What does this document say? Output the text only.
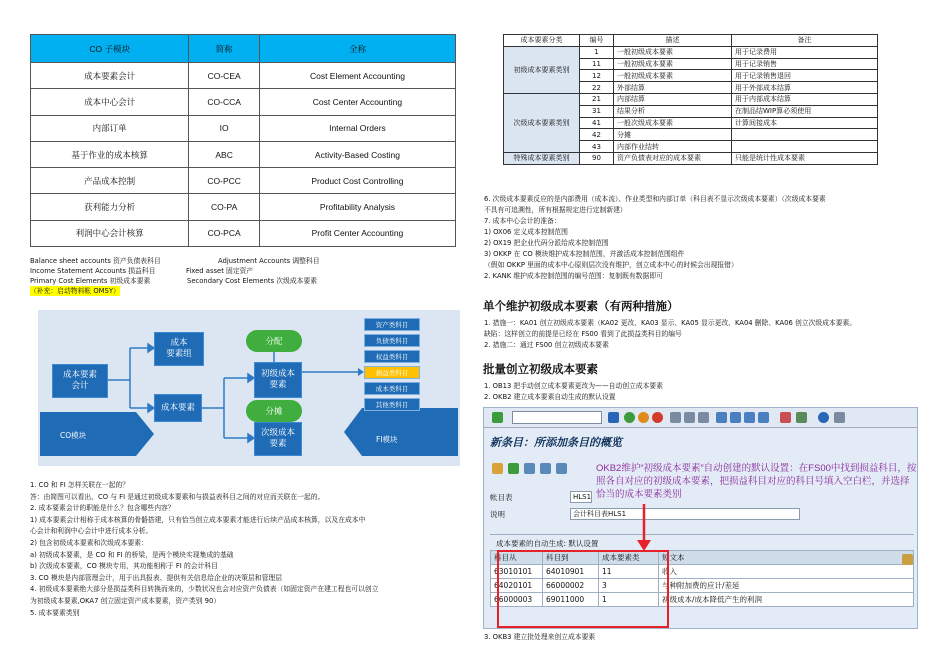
CO 子模块	简称	全称
成本要素会计	CO-CEA	Cost Element Accounting
成本中心会计	CO-CCA	Cost Center Accounting
内部订单	IO	Internal Orders
基于作业的成本核算	ABC	Activity-Based Costing
产品成本控制	CO-PCC	Product Cost Controlling
获利能力分析	CO-PA	Profitability Analysis
利润中心会计核算	CO-PCA	Profit Center Accounting
Balance sheet accounts 资产负债表科目	Adjustment Accounts 调整科目
Income Statement Accounts 损益科目	Fixed asset 固定资产
Primary Cost Elements 初级成本要素	Secondary Cost Elements 次级成本要素
（补充：启动物料帐 OMSY）
CO模块	FI模块
成本要素
会计
成本
要素组
成本要素
分配
初级成本
要素
分摊
次级成本
要素
资产类科目
负债类科目
权益类科目
损益类科目
成本类科目
其他类科目
1. CO 和 FI 怎样关联在一起的？
答：由简图可以看出，CO 与 FI 是通过初级成本要素和与损益表科目之间的对应而关联在一起的。
2. 成本要素会计的职能是什么？包含哪些内容？
1) 成本要素会计相称于成本核算的骨骼搭建，只有恰当创立成本要素才能进行后续产品成本核算，以及在成本中
心会计和利润中心会计中进行成本分析。
2) 包含初级成本要素和次级成本要素：
a) 初级成本要素，是 CO 和 FI 的桥梁，是两个模块实现集成的基础
b) 次级成本要素，CO 模块专用，其功能相称于 FI 的会计科目
3. CO 模块是内部管理会计，用于出具报表、提供有关信息给企业的决策层和管理层
4. 初级成本要素绝大部分是损益类科目转换而来的，少数状况也会对应资产负债表（如固定资产在建工程也可以创立
为初级成本要素,OKA7 创立固定资产成本要素，资产类别 90）
5. 成本要素类别
成本要素分类	编号	描述	备注
初级成本要素类别	1	一般初级成本要素	用于记录费用
	11	一般初级成本要素	用于记录销售
	12	一般初级成本要素	用于记录销售退回
	22	外部结算	用于外部成本结算
次级成本要素类别	21	内部结算	用于内部成本结算
	31	结果分析	在制品结WIP算必须使用
	41	一般次级成本要素	计算间接成本
	42	分摊	
	43	内部作业结转	
特殊成本要素类别	90	资产负债表对应的成本要素	只能是统计性成本要素
6. 次级成本要素反应的是内部费用（成本流）、作业类型和内部订单（科目表不显示次级成本要素）（次级成本要素
不具有可追溯性，所有根据规定进行定制新建）
7. 成本中心会计的准备：
1) OX06 定义成本控制范围
2) OX19 把企业代码分派给成本控制范围
3) OKKP 在 CO 模块维护成本控制范围，并激活成本控制范围组件
（假如 OKKP 里面的成本中心原则层次没有维护，创立成本中心的时候会出现报错）
2. KANK 维护成本控制范围的编号范围：复制既有数据即可
单个维护初级成本要素（有两种措施）
1. 措施一：KA01 创立初级成本要素（KA02 更改、KA03 显示、KA05 显示更改、KA04 删除、KA06 创立次级成本要素。
缺陷：这样创立的前提是已经在 FS00 看到了此损益类科目的编号
2. 措施二：通过 FS00 创立初级成本要素
批量创立初级成本要素
1. OB13 把手动创立成本要素更改为——自动创立成本要素
2. OKB2 建立成本要素自动生成的默认设置
新条目：所添加条目的概览
OKB2维护“初级成本要素”自动创建的默认设置：在FS00中找到损益科目，按照各自对应的初级成本要素，把损益科目对应的科目号填入空白栏，并选择恰当的成本要素类别
帐目表	HLS1
说明	会计科目表HLS1
成本要素的自动生成: 默认设置
科目从	科目到	成本要素类	短文本
63010101	64010901	11	收入
64020101	66000002	3	与种附加费的应计/差延
66000003	69011000	1	初级成本/成本降低产生的利润
3. OKB3 建立批处理来创立成本要素
